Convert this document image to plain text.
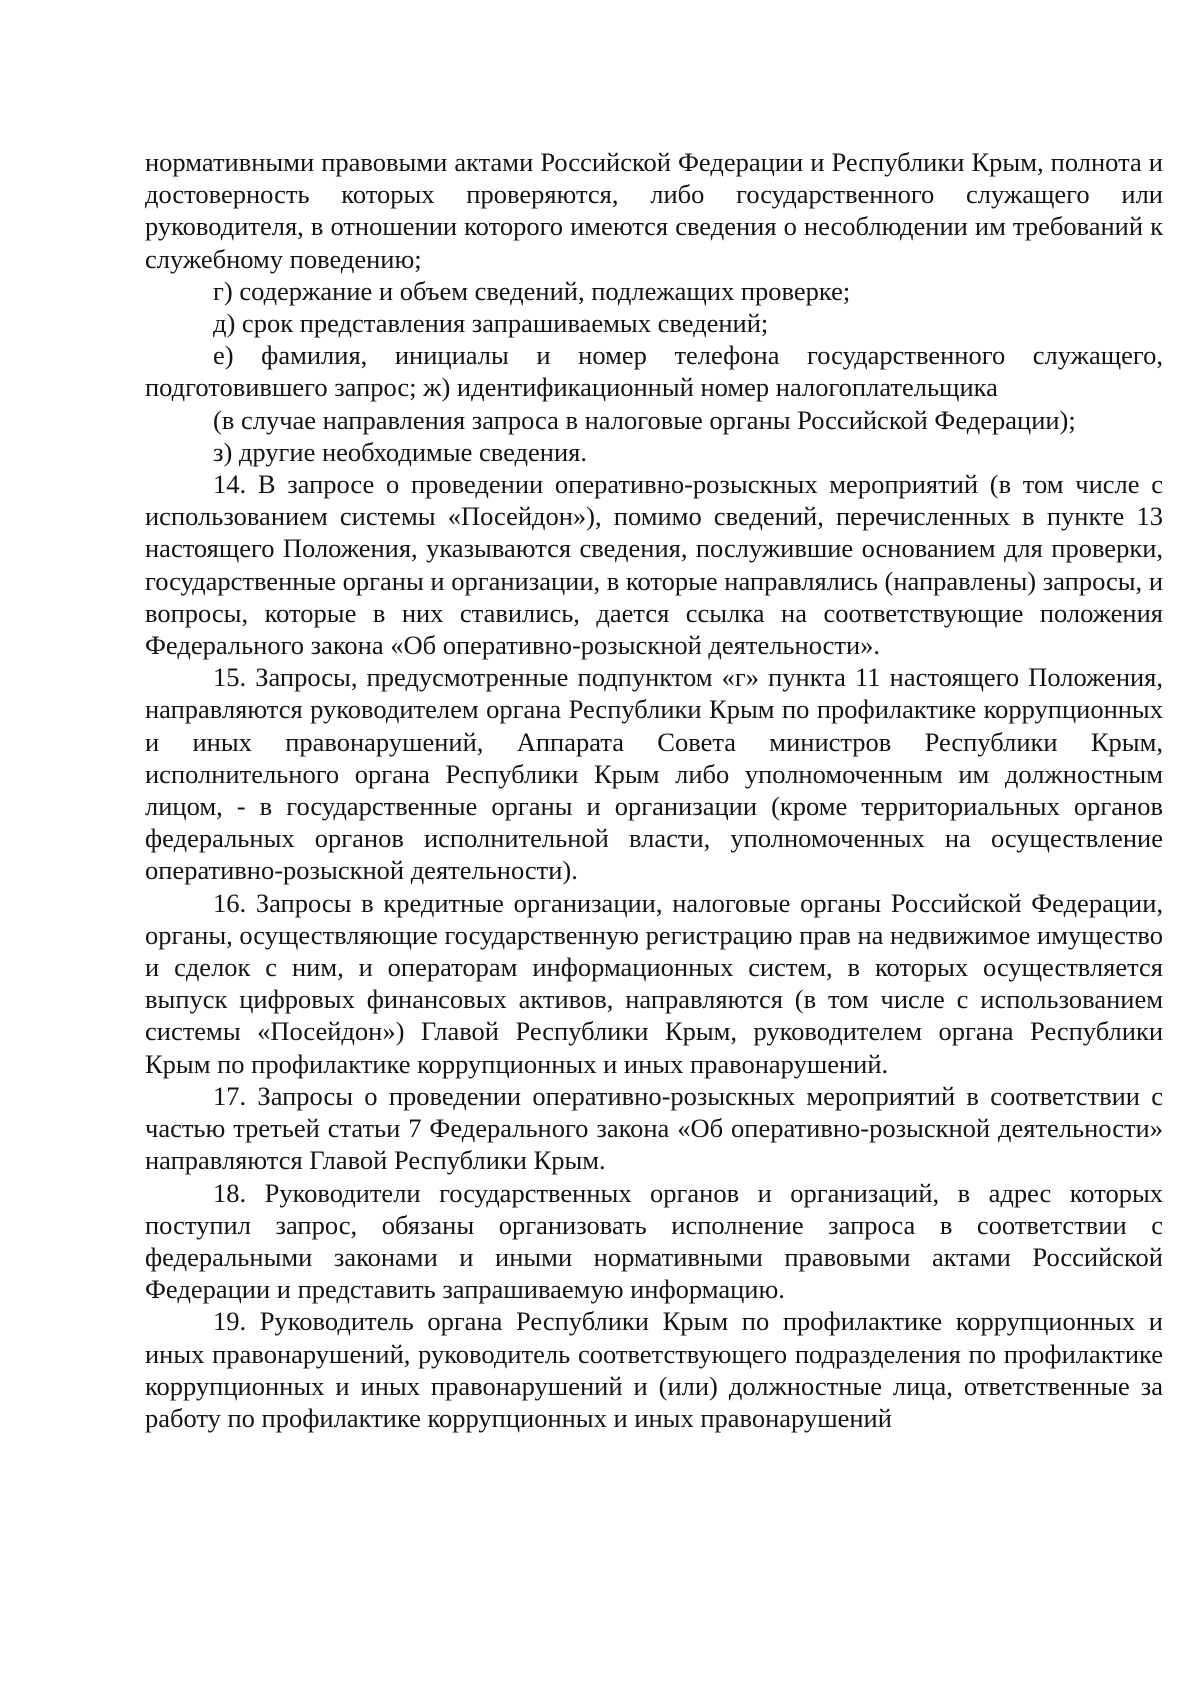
нормативными правовыми актами Российской Федерации и Республики Крым, полнота и достоверность которых проверяются, либо государственного служащего или руководителя, в отношении которого имеются сведения о несоблюдении им требований к служебному поведению;

г) содержание и объем сведений, подлежащих проверке;

д) срок представления запрашиваемых сведений;

е) фамилия, инициалы и номер телефона государственного служащего, подготовившего запрос; ж) идентификационный номер налогоплательщика

(в случае направления запроса в налоговые органы Российской Федерации);

з) другие необходимые сведения.

14. В запросе о проведении оперативно-розыскных мероприятий (в том числе с использованием системы «Посейдон»), помимо сведений, перечисленных в пункте 13 настоящего Положения, указываются сведения, послужившие основанием для проверки, государственные органы и организации, в которые направлялись (направлены) запросы, и вопросы, которые в них ставились, дается ссылка на соответствующие положения Федерального закона «Об оперативно-розыскной деятельности».

15. Запросы, предусмотренные подпунктом «г» пункта 11 настоящего Положения, направляются руководителем органа Республики Крым по профилактике коррупционных и иных правонарушений, Аппарата Совета министров Республики Крым, исполнительного органа Республики Крым либо уполномоченным им должностным лицом, - в государственные органы и организации (кроме территориальных органов федеральных органов исполнительной власти, уполномоченных на осуществление оперативно-розыскной деятельности).

16. Запросы в кредитные организации, налоговые органы Российской Федерации, органы, осуществляющие государственную регистрацию прав на недвижимое имущество и сделок с ним, и операторам информационных систем, в которых осуществляется выпуск цифровых финансовых активов, направляются (в том числе с использованием системы «Посейдон») Главой Республики Крым, руководителем органа Республики Крым по профилактике коррупционных и иных правонарушений.

17. Запросы о проведении оперативно-розыскных мероприятий в соответствии с частью третьей статьи 7 Федерального закона «Об оперативно-розыскной деятельности» направляются Главой Республики Крым.

18. Руководители государственных органов и организаций, в адрес которых поступил запрос, обязаны организовать исполнение запроса в соответствии с федеральными законами и иными нормативными правовыми актами Российской Федерации и представить запрашиваемую информацию.

19. Руководитель органа Республики Крым по профилактике коррупционных и иных правонарушений, руководитель соответствующего подразделения по профилактике коррупционных и иных правонарушений и (или) должностные лица, ответственные за работу по профилактике коррупционных и иных правонарушений
